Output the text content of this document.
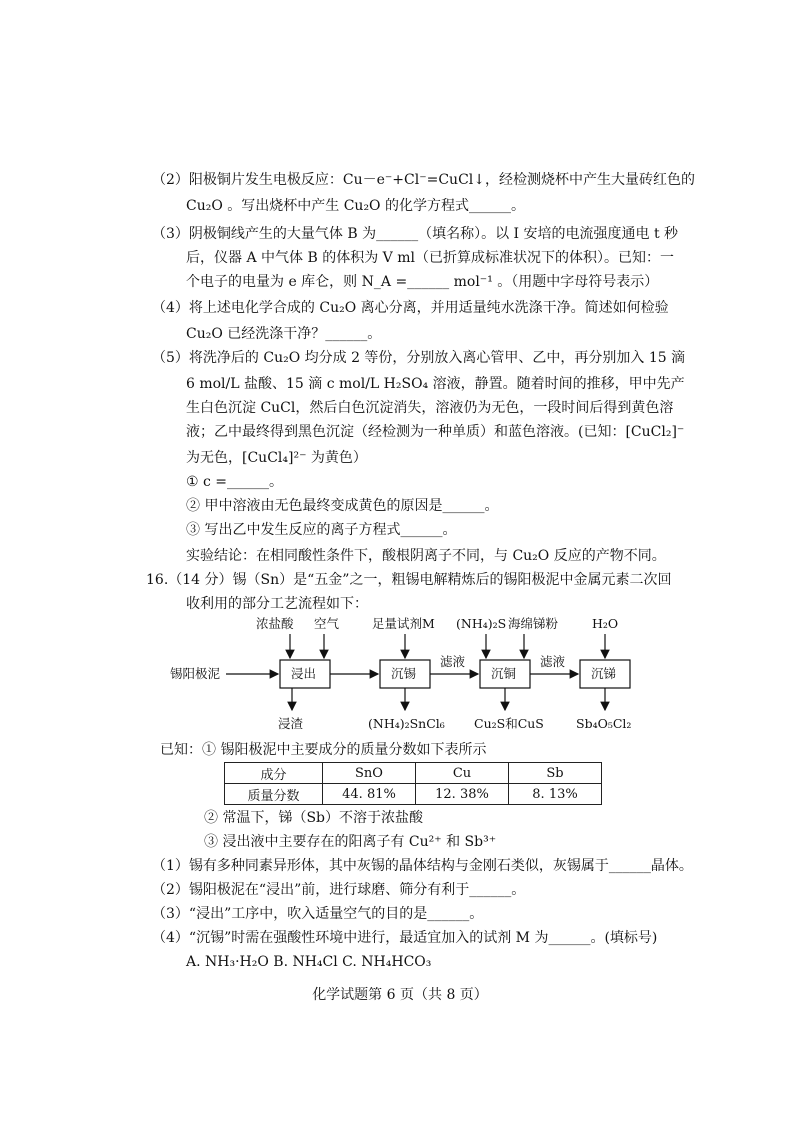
（2）阳极铜片发生电极反应：Cu－e⁻+Cl⁻=CuCl↓，经检测烧杯中产生大量砖红色的
Cu₂O 。写出烧杯中产生 Cu₂O 的化学方程式______。
（3）阴极铜线产生的大量气体 B 为______（填名称）。以 I 安培的电流强度通电 t 秒
后，仪器 A 中气体 B 的体积为 V ml（已折算成标准状况下的体积）。已知：一
个电子的电量为 e 库仑，则 N_A =______ mol⁻¹ 。（用题中字母符号表示）
（4）将上述电化学合成的 Cu₂O 离心分离，并用适量纯水洗涤干净。简述如何检验
Cu₂O 已经洗涤干净？______。
（5）将洗净后的 Cu₂O 均分成 2 等份，分别放入离心管甲、乙中，再分别加入 15 滴
6 mol/L 盐酸、15 滴 c mol/L H₂SO₄ 溶液，静置。随着时间的推移，甲中先产
生白色沉淀 CuCl，然后白色沉淀消失，溶液仍为无色，一段时间后得到黄色溶
液；乙中最终得到黑色沉淀（经检测为一种单质）和蓝色溶液。(已知：[CuCl₂]⁻
为无色，[CuCl₄]²⁻ 为黄色）
① c =______。
② 甲中溶液由无色最终变成黄色的原因是______。
③ 写出乙中发生反应的离子方程式______。
实验结论：在相同酸性条件下，酸根阴离子不同，与 Cu₂O 反应的产物不同。
16.（14 分）锡（Sn）是“五金”之一，粗锡电解精炼后的锡阳极泥中金属元素二次回
收利用的部分工艺流程如下：
锡阳极泥	浸出	沉锡
滤液
沉铜
滤液
沉锑
浓盐酸 空气	足量试剂M (NH₄)₂S 海绵锑粉	H₂O
浸渣	(NH₄)₂SnCl₆ Cu₂S和CuS	Sb₄O₅Cl₂
已知：① 锡阳极泥中主要成分的质量分数如下表所示
成分	SnO	Cu	Sb
质量分数	44. 81%	12. 38%	8. 13%
② 常温下，锑（Sb）不溶于浓盐酸
③ 浸出液中主要存在的阳离子有 Cu²⁺ 和 Sb³⁺
（1）锡有多种同素异形体，其中灰锡的晶体结构与金刚石类似，灰锡属于______晶体。
（2）锡阳极泥在“浸出”前，进行球磨、筛分有利于______。
（3）“浸出”工序中，吹入适量空气的目的是______。
（4）“沉锡”时需在强酸性环境中进行，最适宜加入的试剂 M 为______。(填标号)
A. NH₃·H₂O B. NH₄Cl C. NH₄HCO₃
化学试题第 6 页（共 8 页）
